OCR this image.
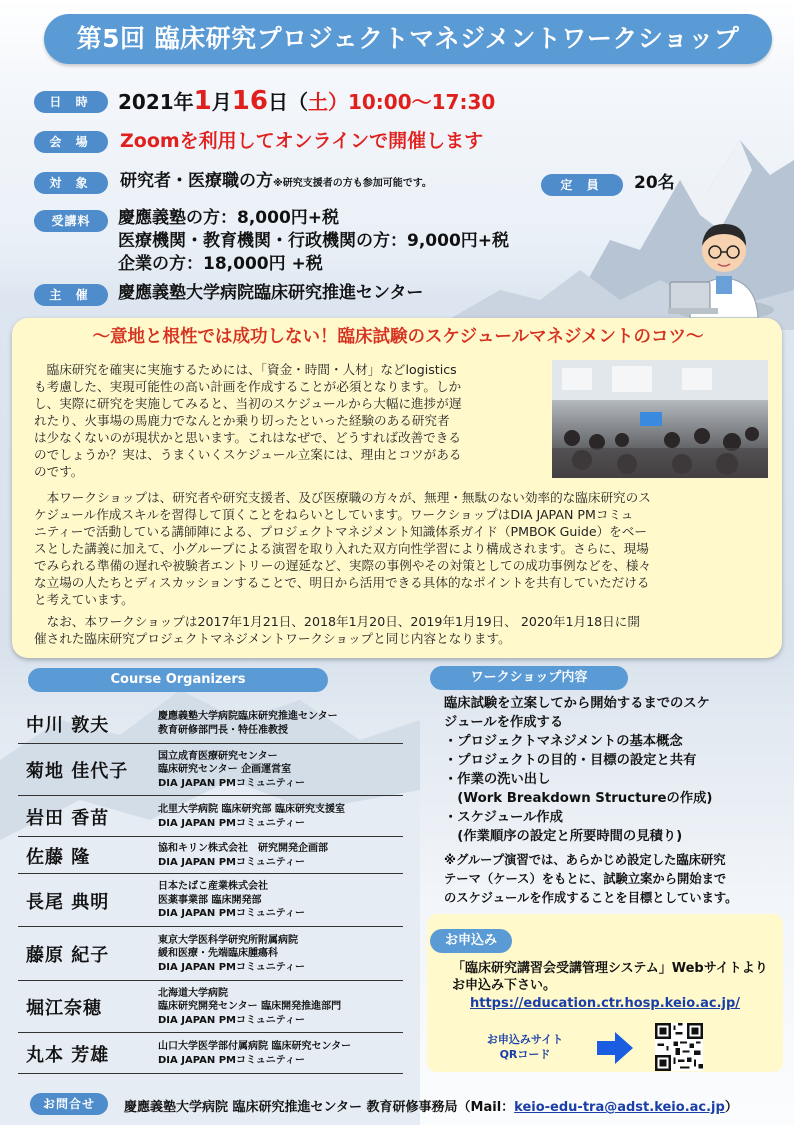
第5回 臨床研究プロジェクトマネジメントワークショップ
日 時	2021年1月16日（土）10:00〜17:30
会 場	Zoomを利用してオンラインで開催します
対 象	研究者・医療職の方※研究支援者の方も参加可能です。	定 員	20名
受講料	慶應義塾の方：8,000円+税
医療機関・教育機関・行政機関の方：9,000円+税
企業の方：18,000円 +税
主 催	慶應義塾大学病院臨床研究推進センター
～意地と根性では成功しない！臨床試験のスケジュールマネジメントのコツ～
　臨床研究を確実に実施するためには、「資金・時間・人材」などlogistics
も考慮した、実現可能性の高い計画を作成することが必須となります。しか
し、実際に研究を実施してみると、当初のスケジュールから大幅に進捗が遅
れたり、火事場の馬鹿力でなんとか乗り切ったといった経験のある研究者
は少なくないのが現状かと思います。これはなぜで、どうすれば改善できる
のでしょうか？実は、うまくいくスケジュール立案には、理由とコツがある
のです。
　本ワークショップは、研究者や研究支援者、及び医療職の方々が、無理・無駄のない効率的な臨床研究のス
ケジュール作成スキルを習得して頂くことをねらいとしています。ワークショップはDIA JAPAN PMコミュ
ニティーで活動している講師陣による、プロジェクトマネジメント知識体系ガイド（PMBOK Guide）をベー
スとした講義に加えて、小グループによる演習を取り入れた双方向性学習により構成されます。さらに、現場
でみられる準備の遅れや被験者エントリーの遅延など、実際の事例やその対策としての成功事例などを、様々
な立場の人たちとディスカッションすることで、明日から活用できる具体的なポイントを共有していただける
と考えています。
　なお、本ワークショップは2017年1月21日、2018年1月20日、2019年1月19日、 2020年1月18日に開
催された臨床研究プロジェクトマネジメントワークショップと同じ内容となります。
Course Organizers
中川 敦夫	慶應義塾大学病院臨床研究推進センター
教育研修部門長・特任准教授
菊地 佳代子
国立成育医療研究センター
臨床研究センター 企画運営室
DIA JAPAN PMコミュニティー
岩田 香苗	北里大学病院 臨床研究部 臨床研究支援室
DIA JAPAN PMコミュニティー
佐藤 隆	協和キリン株式会社　研究開発企画部
DIA JAPAN PMコミュニティー
長尾 典明
日本たばこ産業株式会社
医薬事業部 臨床開発部
DIA JAPAN PMコミュニティー
藤原 紀子
東京大学医科学研究所附属病院
緩和医療・先端臨床腫瘍科
DIA JAPAN PMコミュニティー
堀江奈穂
北海道大学病院
臨床研究開発センター 臨床開発推進部門
DIA JAPAN PMコミュニティー
丸本 芳雄	山口大学医学部付属病院 臨床研究センター
DIA JAPAN PMコミュニティー
ワークショップ内容
臨床試験を立案してから開始するまでのスケ
ジュールを作成する
・プロジェクトマネジメントの基本概念
・プロジェクトの目的・目標の設定と共有
・作業の洗い出し
　(Work Breakdown Structureの作成)
・スケジュール作成
　(作業順序の設定と所要時間の見積り)
※グループ演習では、あらかじめ設定した臨床研究
テーマ（ケース）をもとに、試験立案から開始まで
のスケジュールを作成することを目標としています。
お申込み
「臨床研究講習会受講管理システム」Webサイトより
お申込み下さい。
https://education.ctr.hosp.keio.ac.jp/
お申込みサイト
QRコード
お問合せ	慶應義塾大学病院 臨床研究推進センター 教育研修事務局（Mail：keio-edu-tra@adst.keio.ac.jp）
